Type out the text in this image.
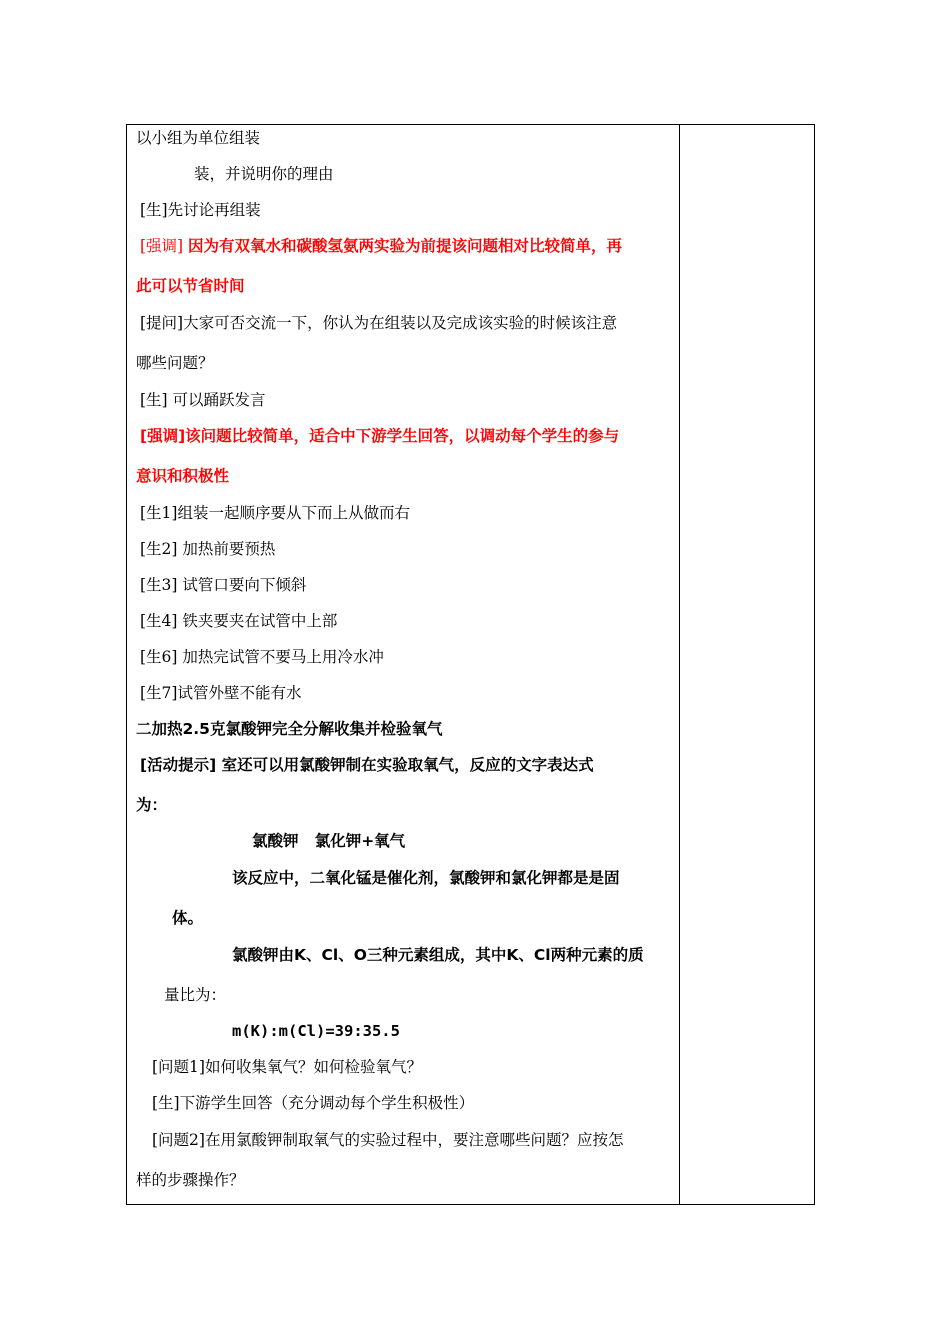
以小组为单位组装
装，并说明你的理由
[生]先讨论再组装
[强调] 因为有双氧水和碳酸氢氨两实验为前提该问题相对比较简单，再
此可以节省时间
[提问]大家可否交流一下，你认为在组装以及完成该实验的时候该注意
哪些问题？
[生] 可以踊跃发言
[强调]该问题比较简单，适合中下游学生回答，以调动每个学生的参与
意识和积极性
[生1]组装一起顺序要从下而上从做而右
[生2] 加热前要预热
[生3] 试管口要向下倾斜
[生4] 铁夹要夹在试管中上部
[生6] 加热完试管不要马上用冷水冲
[生7]试管外壁不能有水
二加热2.5克氯酸钾完全分解收集并检验氧气
[活动提示] 室还可以用氯酸钾制在实验取氧气，反应的文字表达式
为：
氯酸钾   氯化钾+氧气
该反应中，二氧化锰是催化剂，氯酸钾和氯化钾都是是固
体。
氯酸钾由K、Cl、O三种元素组成，其中K、Cl两种元素的质
量比为：
m(K):m(Cl)=39:35.5
[问题1]如何收集氧气？如何检验氧气？
[生]下游学生回答（充分调动每个学生积极性）
[问题2]在用氯酸钾制取氧气的实验过程中，要注意哪些问题？应按怎
样的步骤操作？
